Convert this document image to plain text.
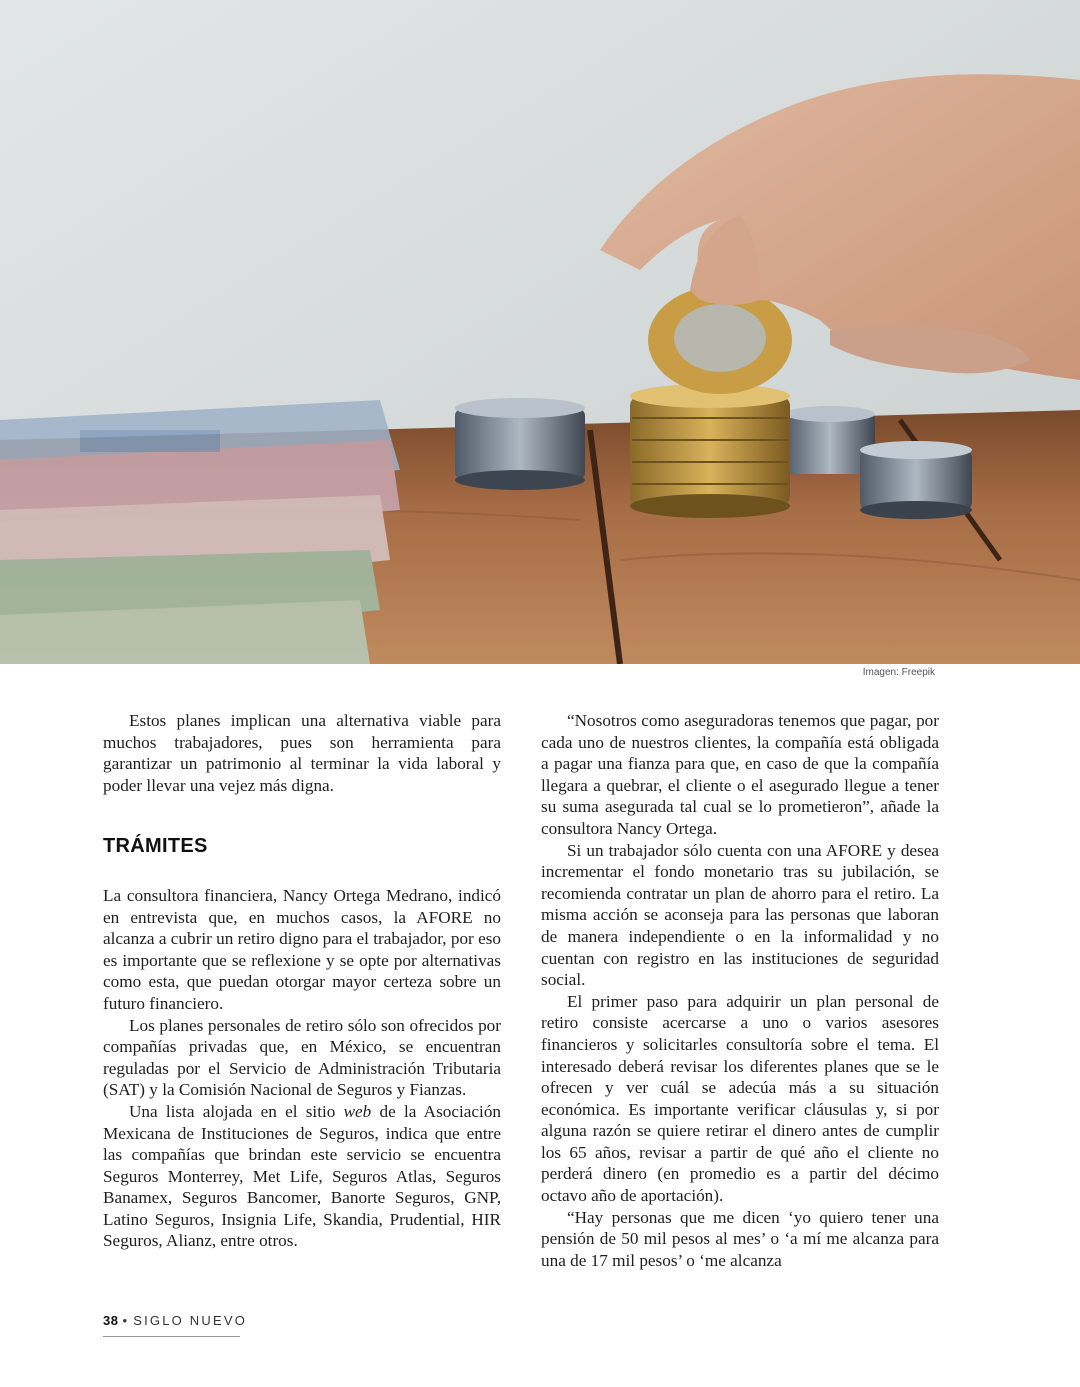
Imagen: Freepik

Estos planes implican una alternativa viable para muchos trabajadores, pues son herramienta para garantizar un patrimonio al terminar la vida laboral y poder llevar una vejez más digna.

TRÁMITES

La consultora financiera, Nancy Ortega Medrano, indicó en entrevista que, en muchos casos, la AFORE no alcanza a cubrir un retiro digno para el trabajador, por eso es importante que se reflexione y se opte por alternativas como esta, que puedan otorgar mayor certeza sobre un futuro financiero.

Los planes personales de retiro sólo son ofrecidos por compañías privadas que, en México, se encuentran reguladas por el Servicio de Administración Tributaria (SAT) y la Comisión Nacional de Seguros y Fianzas.

Una lista alojada en el sitio web de la Asociación Mexicana de Instituciones de Seguros, indica que entre las compañías que brindan este servicio se encuentra Seguros Monterrey, Met Life, Seguros Atlas, Seguros Banamex, Seguros Bancomer, Banorte Seguros, GNP, Latino Seguros, Insignia Life, Skandia, Prudential, HIR Seguros, Alianz, entre otros.

“Nosotros como aseguradoras tenemos que pagar, por cada uno de nuestros clientes, la compañía está obligada a pagar una fianza para que, en caso de que la compañía llegara a quebrar, el cliente o el asegurado llegue a tener su suma asegurada tal cual se lo prometieron”, añade la consultora Nancy Ortega.

Si un trabajador sólo cuenta con una AFORE y desea incrementar el fondo monetario tras su jubilación, se recomienda contratar un plan de ahorro para el retiro. La misma acción se aconseja para las personas que laboran de manera independiente o en la informalidad y no cuentan con registro en las instituciones de seguridad social.

El primer paso para adquirir un plan personal de retiro consiste acercarse a uno o varios asesores financieros y solicitarles consultoría sobre el tema. El interesado deberá revisar los diferentes planes que se le ofrecen y ver cuál se adecúa más a su situación económica. Es importante verificar cláusulas y, si por alguna razón se quiere retirar el dinero antes de cumplir los 65 años, revisar a partir de qué año el cliente no perderá dinero (en promedio es a partir del décimo octavo año de aportación).

“Hay personas que me dicen ‘yo quiero tener una pensión de 50 mil pesos al mes’ o ‘a mí me alcanza para una de 17 mil pesos’ o ‘me alcanza

38 • SIGLO NUEVO
